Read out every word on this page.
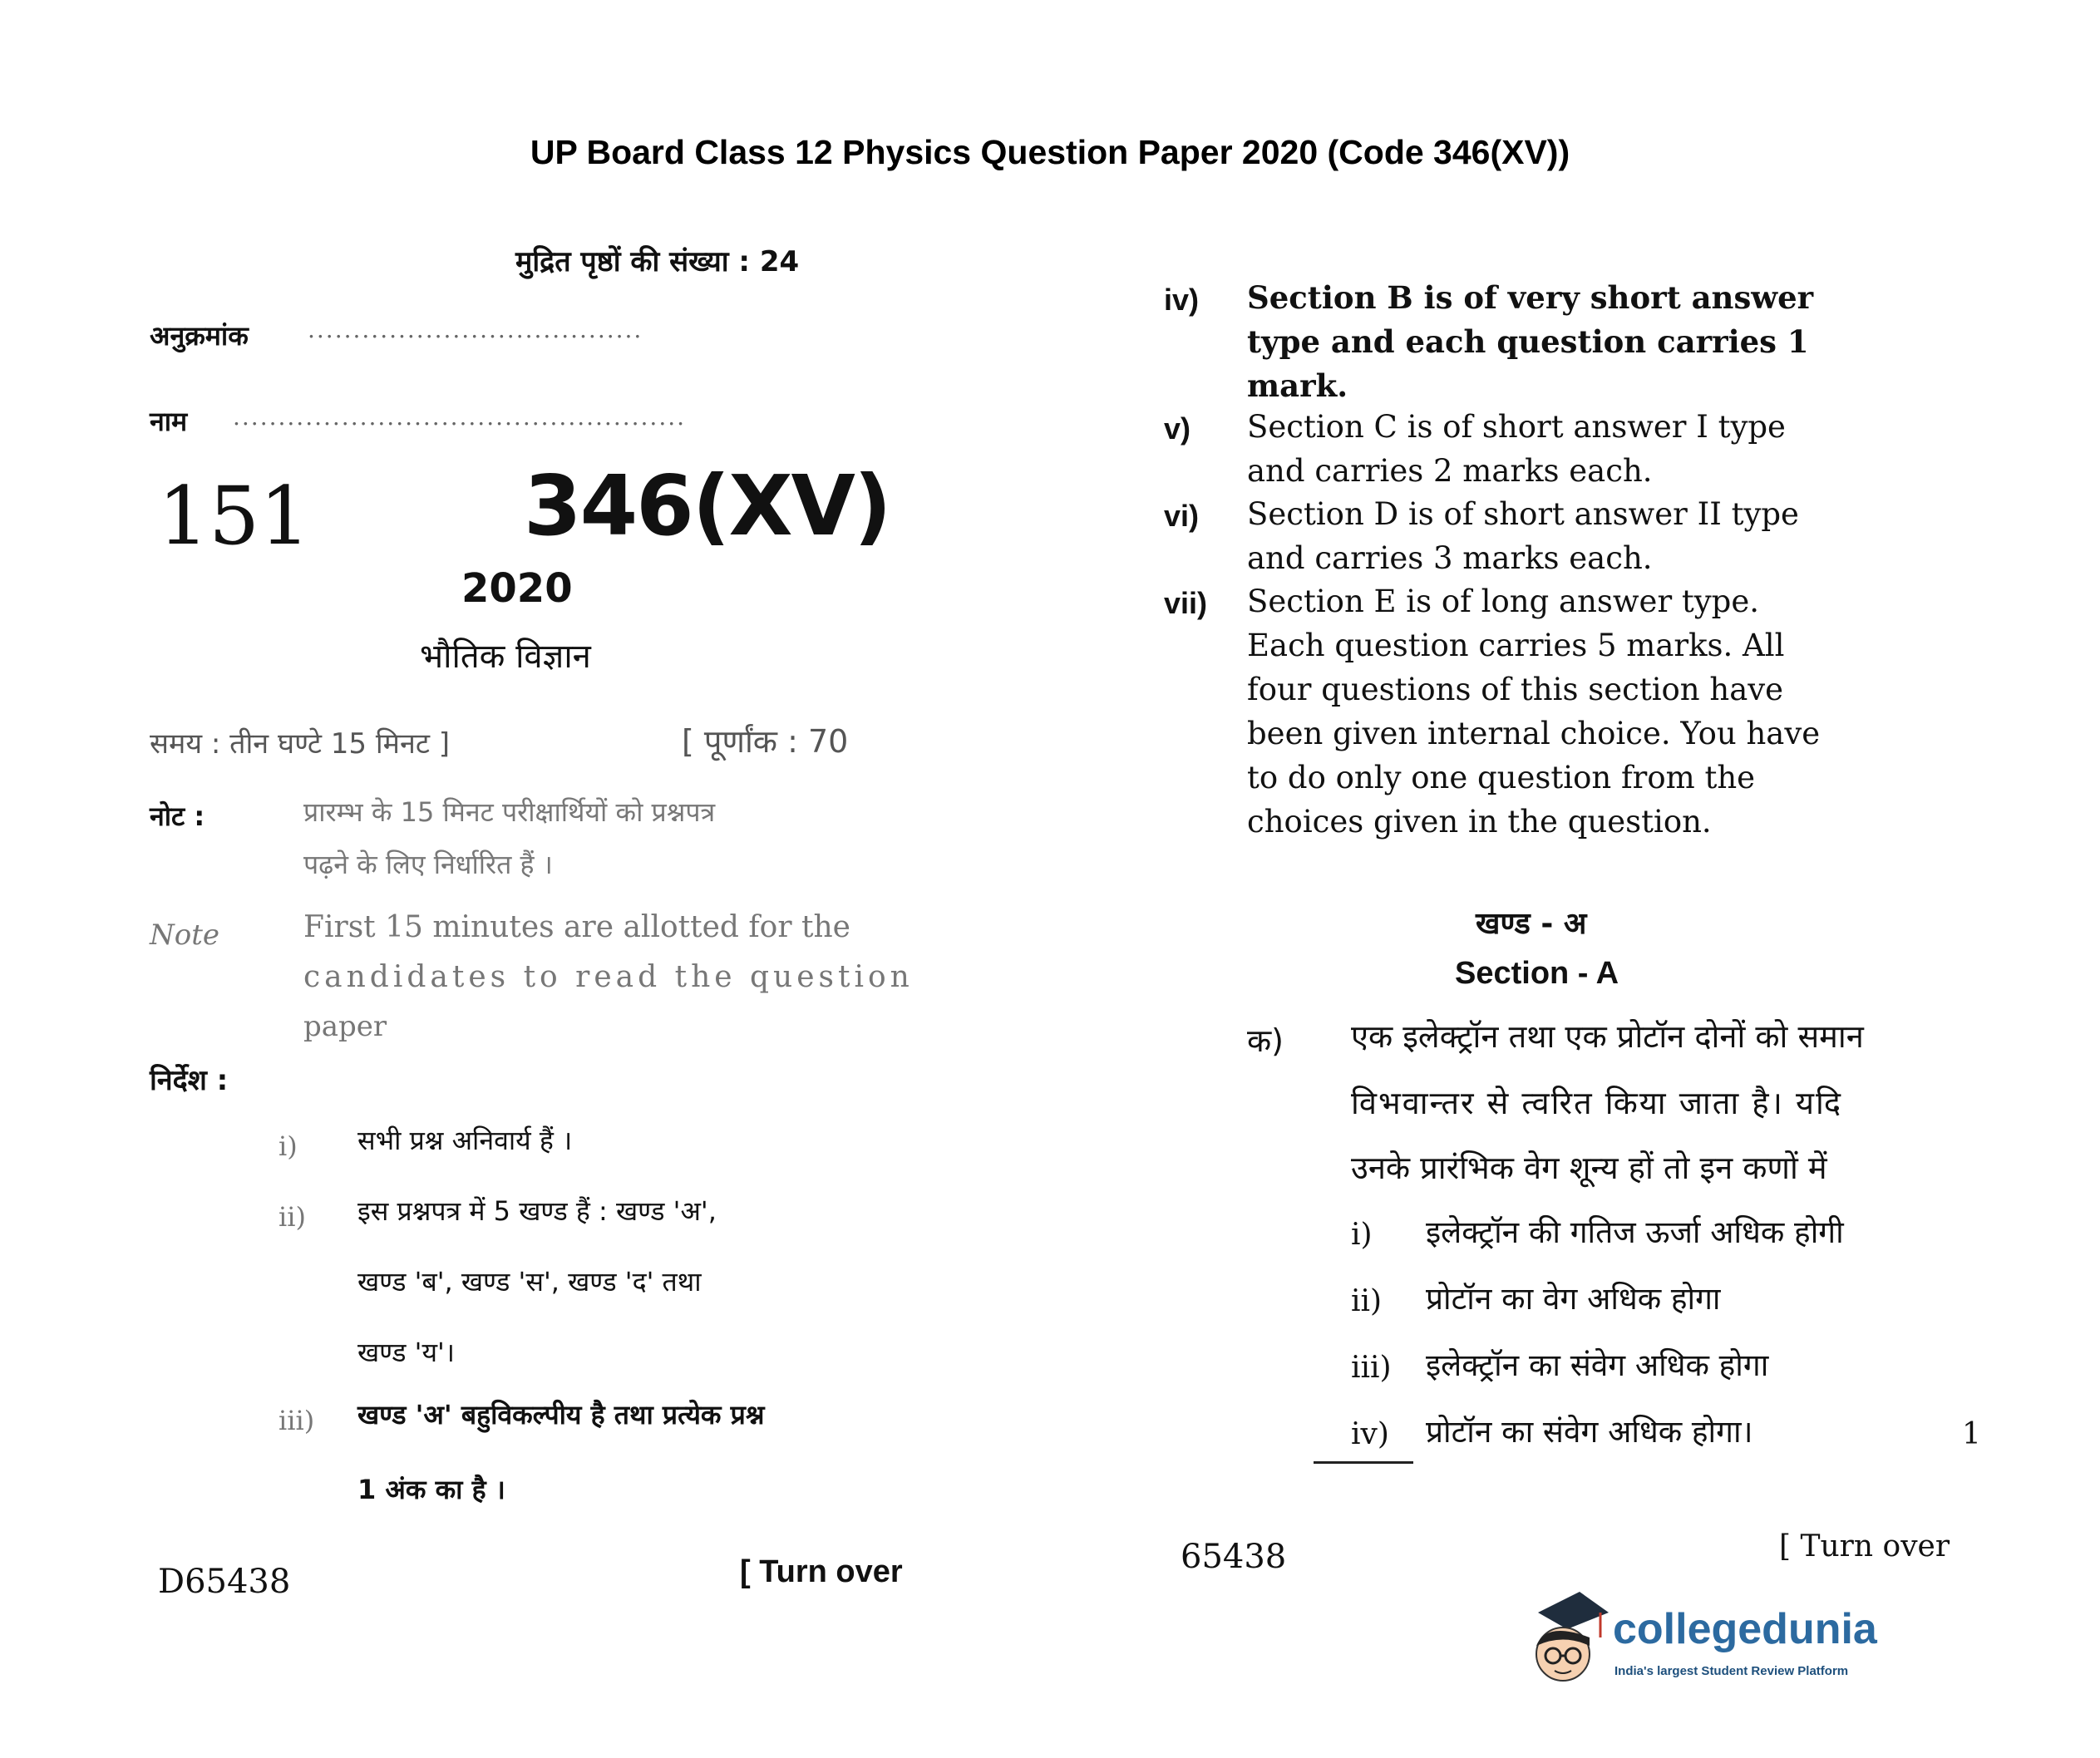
UP Board Class 12 Physics Question Paper 2020 (Code 346(XV))
मुद्रित पृष्ठों की संख्या : 24
अनुक्रमांक	.....................................
नाम ..................................................
151	346(XV)
2020
भौतिक विज्ञान
समय : तीन घण्टे 15 मिनट ]	[ पूर्णांक : 70
नोट :	प्रारम्भ के 15 मिनट परीक्षार्थियों को प्रश्नपत्र
पढ़ने के लिए निर्धारित हैं ।
Note	First 15 minutes are allotted for the
candidates to read the question
paper
निर्देश :
i) सभी प्रश्न अनिवार्य हैं ।
ii) इस प्रश्नपत्र में 5 खण्ड हैं : खण्ड 'अ',
खण्ड 'ब', खण्ड 'स', खण्ड 'द' तथा
खण्ड 'य'।
iii) खण्ड 'अ' बहुविकल्पीय है तथा प्रत्येक प्रश्न
1 अंक का है ।
D65438	[ Turn over
iv) Section B is of very short answer type and each question carries 1 mark.
v) Section C is of short answer I type and carries 2 marks each.
vi) Section D is of short answer II type and carries 3 marks each.
vii) Section E is of long answer type. Each question carries 5 marks. All four questions of this section have been given internal choice. You have to do only one question from the choices given in the question.
खण्ड - अ
Section - A
क) एक इलेक्ट्रॉन तथा एक प्रोटॉन दोनों को समान
विभवान्तर से त्वरित किया जाता है। यदि
उनके प्रारंभिक वेग शून्य हों तो इन कणों में
i) इलेक्ट्रॉन की गतिज ऊर्जा अधिक होगी
ii) प्रोटॉन का वेग अधिक होगा
iii) इलेक्ट्रॉन का संवेग अधिक होगा
iv) प्रोटॉन का संवेग अधिक होगा।	1
65438	[ Turn over
collegedunia
India's largest Student Review Platform
